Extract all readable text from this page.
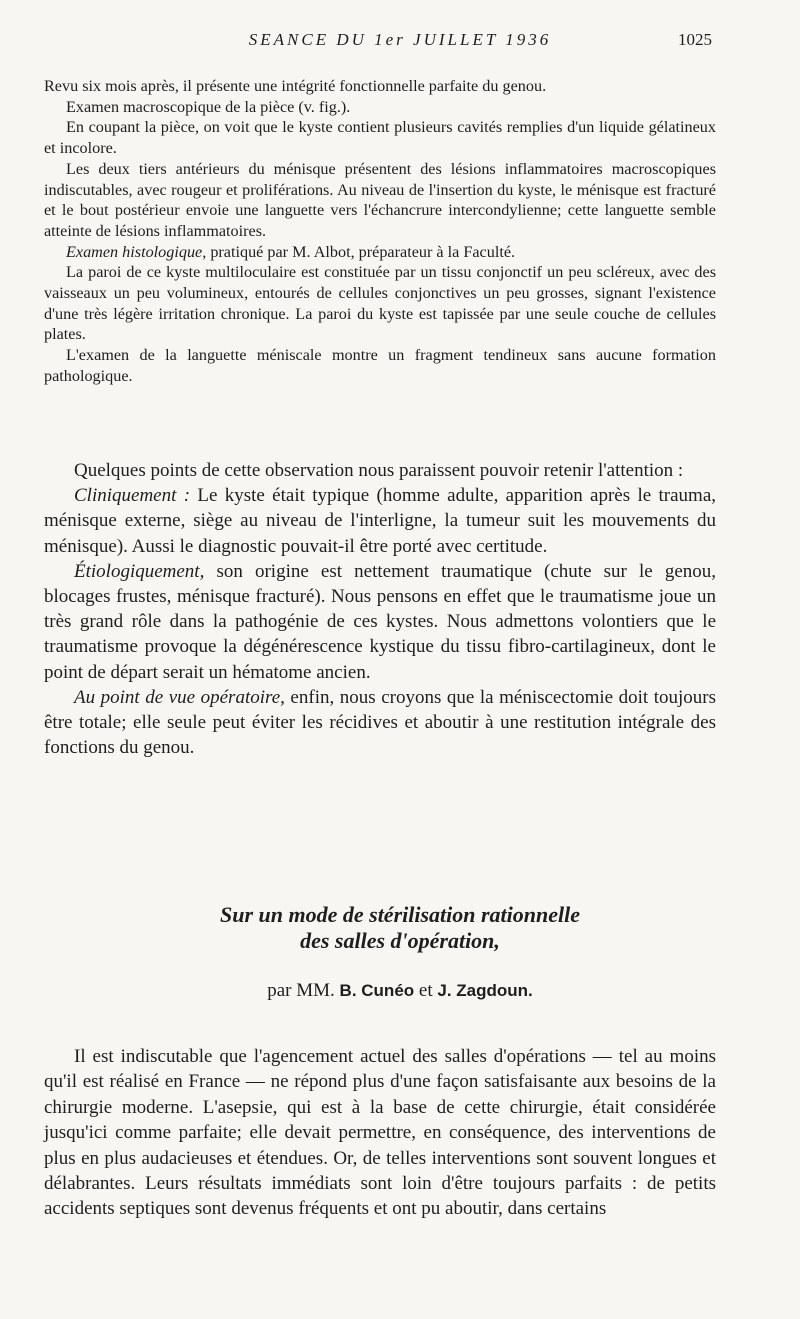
SEANCE DU 1er JUILLET 1936	1025

Revu six mois après, il présente une intégrité fonctionnelle parfaite du genou.

Examen macroscopique de la pièce (v. fig.).

En coupant la pièce, on voit que le kyste contient plusieurs cavités remplies d'un liquide gélatineux et incolore.

Les deux tiers antérieurs du ménisque présentent des lésions inflammatoires macroscopiques indiscutables, avec rougeur et proliférations. Au niveau de l'insertion du kyste, le ménisque est fracturé et le bout postérieur envoie une languette vers l'échancrure intercondylienne; cette languette semble atteinte de lésions inflammatoires.

Examen histologique, pratiqué par M. Albot, préparateur à la Faculté.

La paroi de ce kyste multiloculaire est constituée par un tissu conjonctif un peu scléreux, avec des vaisseaux un peu volumineux, entourés de cellules conjonctives un peu grosses, signant l'existence d'une très légère irritation chronique. La paroi du kyste est tapissée par une seule couche de cellules plates.

L'examen de la languette méniscale montre un fragment tendineux sans aucune formation pathologique.

Quelques points de cette observation nous paraissent pouvoir retenir l'attention :

Cliniquement : Le kyste était typique (homme adulte, apparition après le trauma, ménisque externe, siège au niveau de l'interligne, la tumeur suit les mouvements du ménisque). Aussi le diagnostic pouvait-il être porté avec certitude.

Étiologiquement, son origine est nettement traumatique (chute sur le genou, blocages frustes, ménisque fracturé). Nous pensons en effet que le traumatisme joue un très grand rôle dans la pathogénie de ces kystes. Nous admettons volontiers que le traumatisme provoque la dégénérescence kystique du tissu fibro-cartilagineux, dont le point de départ serait un hématome ancien.

Au point de vue opératoire, enfin, nous croyons que la méniscectomie doit toujours être totale; elle seule peut éviter les récidives et aboutir à une restitution intégrale des fonctions du genou.

Sur un mode de stérilisation rationnelle

des salles d'opération,

par MM. B. Cunéo et J. Zagdoun.

Il est indiscutable que l'agencement actuel des salles d'opérations — tel au moins qu'il est réalisé en France — ne répond plus d'une façon satisfaisante aux besoins de la chirurgie moderne. L'asepsie, qui est à la base de cette chirurgie, était considérée jusqu'ici comme parfaite; elle devait permettre, en conséquence, des interventions de plus en plus audacieuses et étendues. Or, de telles interventions sont souvent longues et délabrantes. Leurs résultats immédiats sont loin d'être toujours parfaits : de petits accidents septiques sont devenus fréquents et ont pu aboutir, dans certains
